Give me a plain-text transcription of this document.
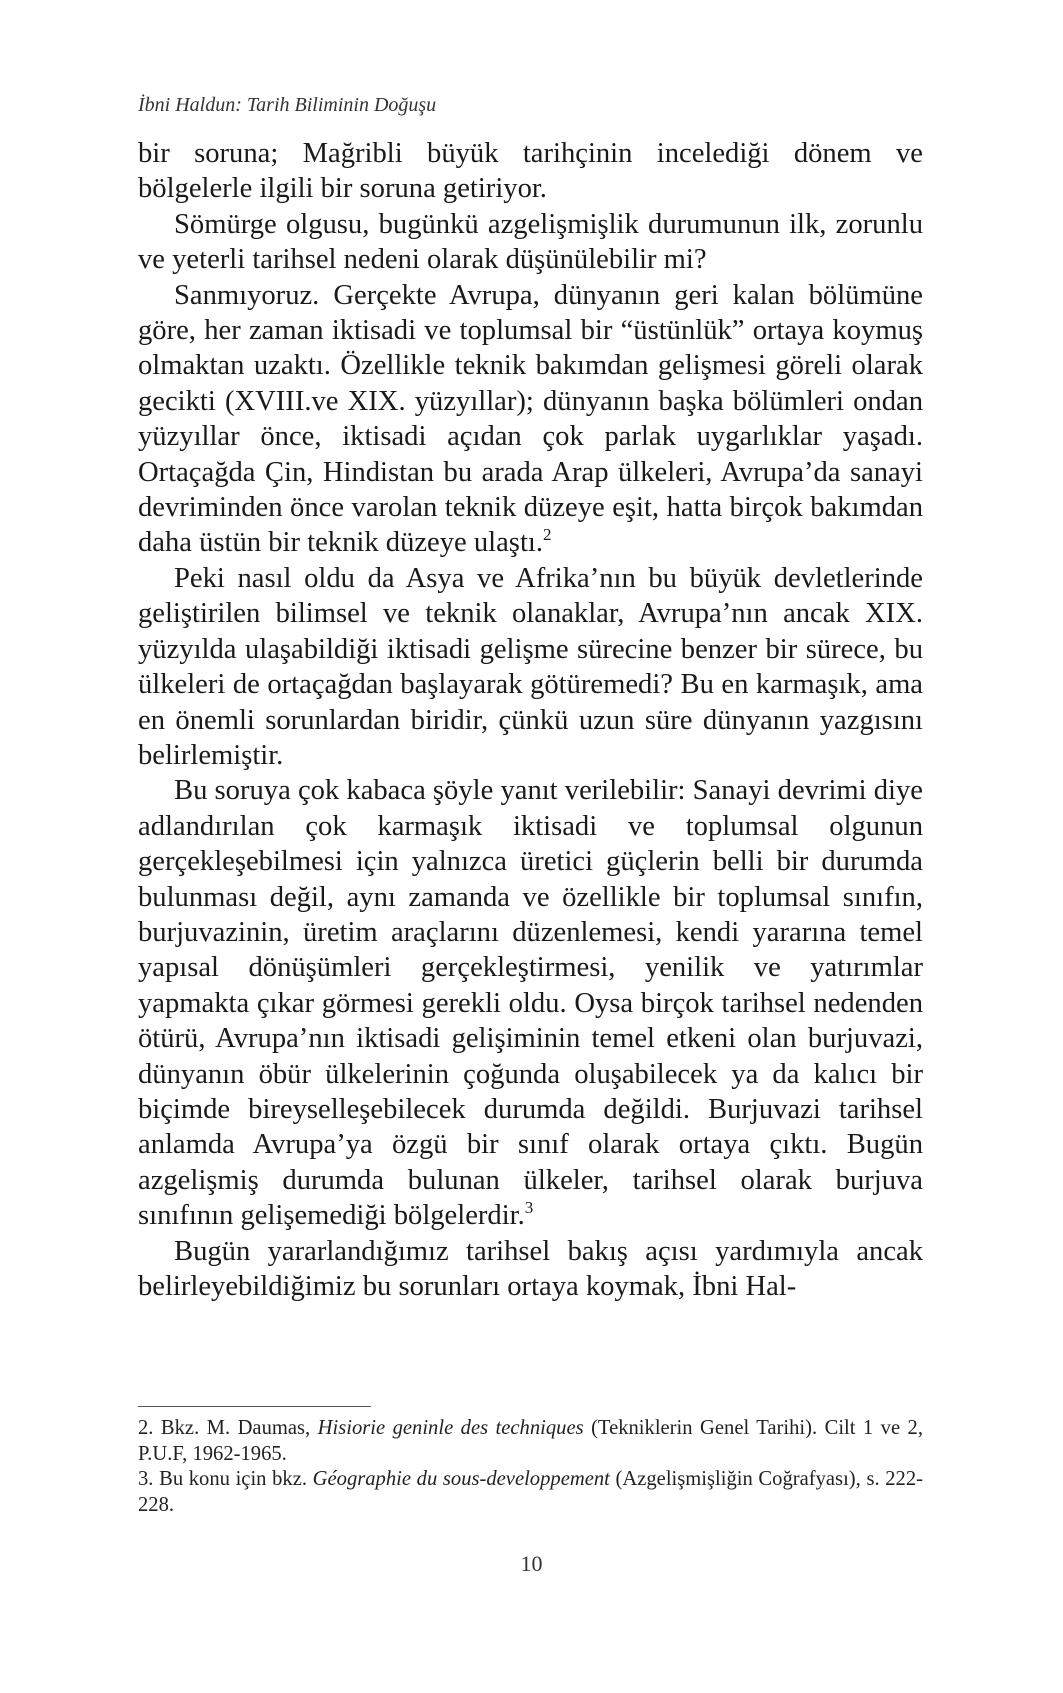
İbni Haldun: Tarih Biliminin Doğuşu

bir soruna; Mağribli büyük tarihçinin incelediği dönem ve bölgelerle ilgili bir soruna getiriyor.

Sömürge olgusu, bugünkü azgelişmişlik durumunun ilk, zorunlu ve yeterli tarihsel nedeni olarak düşünülebilir mi?

Sanmıyoruz. Gerçekte Avrupa, dünyanın geri kalan bölümüne göre, her zaman iktisadi ve toplumsal bir “üstünlük” ortaya koymuş olmaktan uzaktı. Özellikle teknik bakımdan gelişmesi göreli olarak gecikti (XVIII.ve XIX. yüzyıllar); dünyanın başka bölümleri ondan yüzyıllar önce, iktisadi açıdan çok parlak uygarlıklar yaşadı. Ortaçağda Çin, Hindistan bu arada Arap ülkeleri, Avrupa’da sanayi devriminden önce varolan teknik düzeye eşit, hatta birçok bakımdan daha üstün bir teknik düzeye ulaştı.$^2$

Peki nasıl oldu da Asya ve Afrika’nın bu büyük devletlerinde geliştirilen bilimsel ve teknik olanaklar, Avrupa’nın ancak XIX. yüzyılda ulaşabildiği iktisadi gelişme sürecine benzer bir sürece, bu ülkeleri de ortaçağdan başlayarak götüremedi? Bu en karmaşık, ama en önemli sorunlardan biridir, çünkü uzun süre dünyanın yazgısını belirlemiştir.

Bu soruya çok kabaca şöyle yanıt verilebilir: Sanayi devrimi diye adlandırılan çok karmaşık iktisadi ve toplumsal olgunun gerçekleşebilmesi için yalnızca üretici güçlerin belli bir durumda bulunması değil, aynı zamanda ve özellikle bir toplumsal sınıfın, burjuvazinin, üretim araçlarını düzenlemesi, kendi yararına temel yapısal dönüşümleri gerçekleştirmesi, yenilik ve yatırımlar yapmakta çıkar görmesi gerekli oldu. Oysa birçok tarihsel nedenden ötürü, Avrupa’nın iktisadi gelişiminin temel etkeni olan burjuvazi, dünyanın öbür ülkelerinin çoğunda oluşabilecek ya da kalıcı bir biçimde bireyselleşebilecek durumda değildi. Burjuvazi tarihsel anlamda Avrupa’ya özgü bir sınıf olarak ortaya çıktı. Bugün azgelişmiş durumda bulunan ülkeler, tarihsel olarak burjuva sınıfının gelişemediği bölgelerdir.$^3$

Bugün yararlandığımız tarihsel bakış açısı yardımıyla ancak belirleyebildiğimiz bu sorunları ortaya koymak, İbni Hal-

2. Bkz. M. Daumas, Hisiorie geninle des techniques (Tekniklerin Genel Tarihi). Cilt 1 ve 2, P.U.F, 1962-1965.

3. Bu konu için bkz. Géographie du sous-developpement (Azgelişmişliğin Coğrafyası), s. 222-228.

10
